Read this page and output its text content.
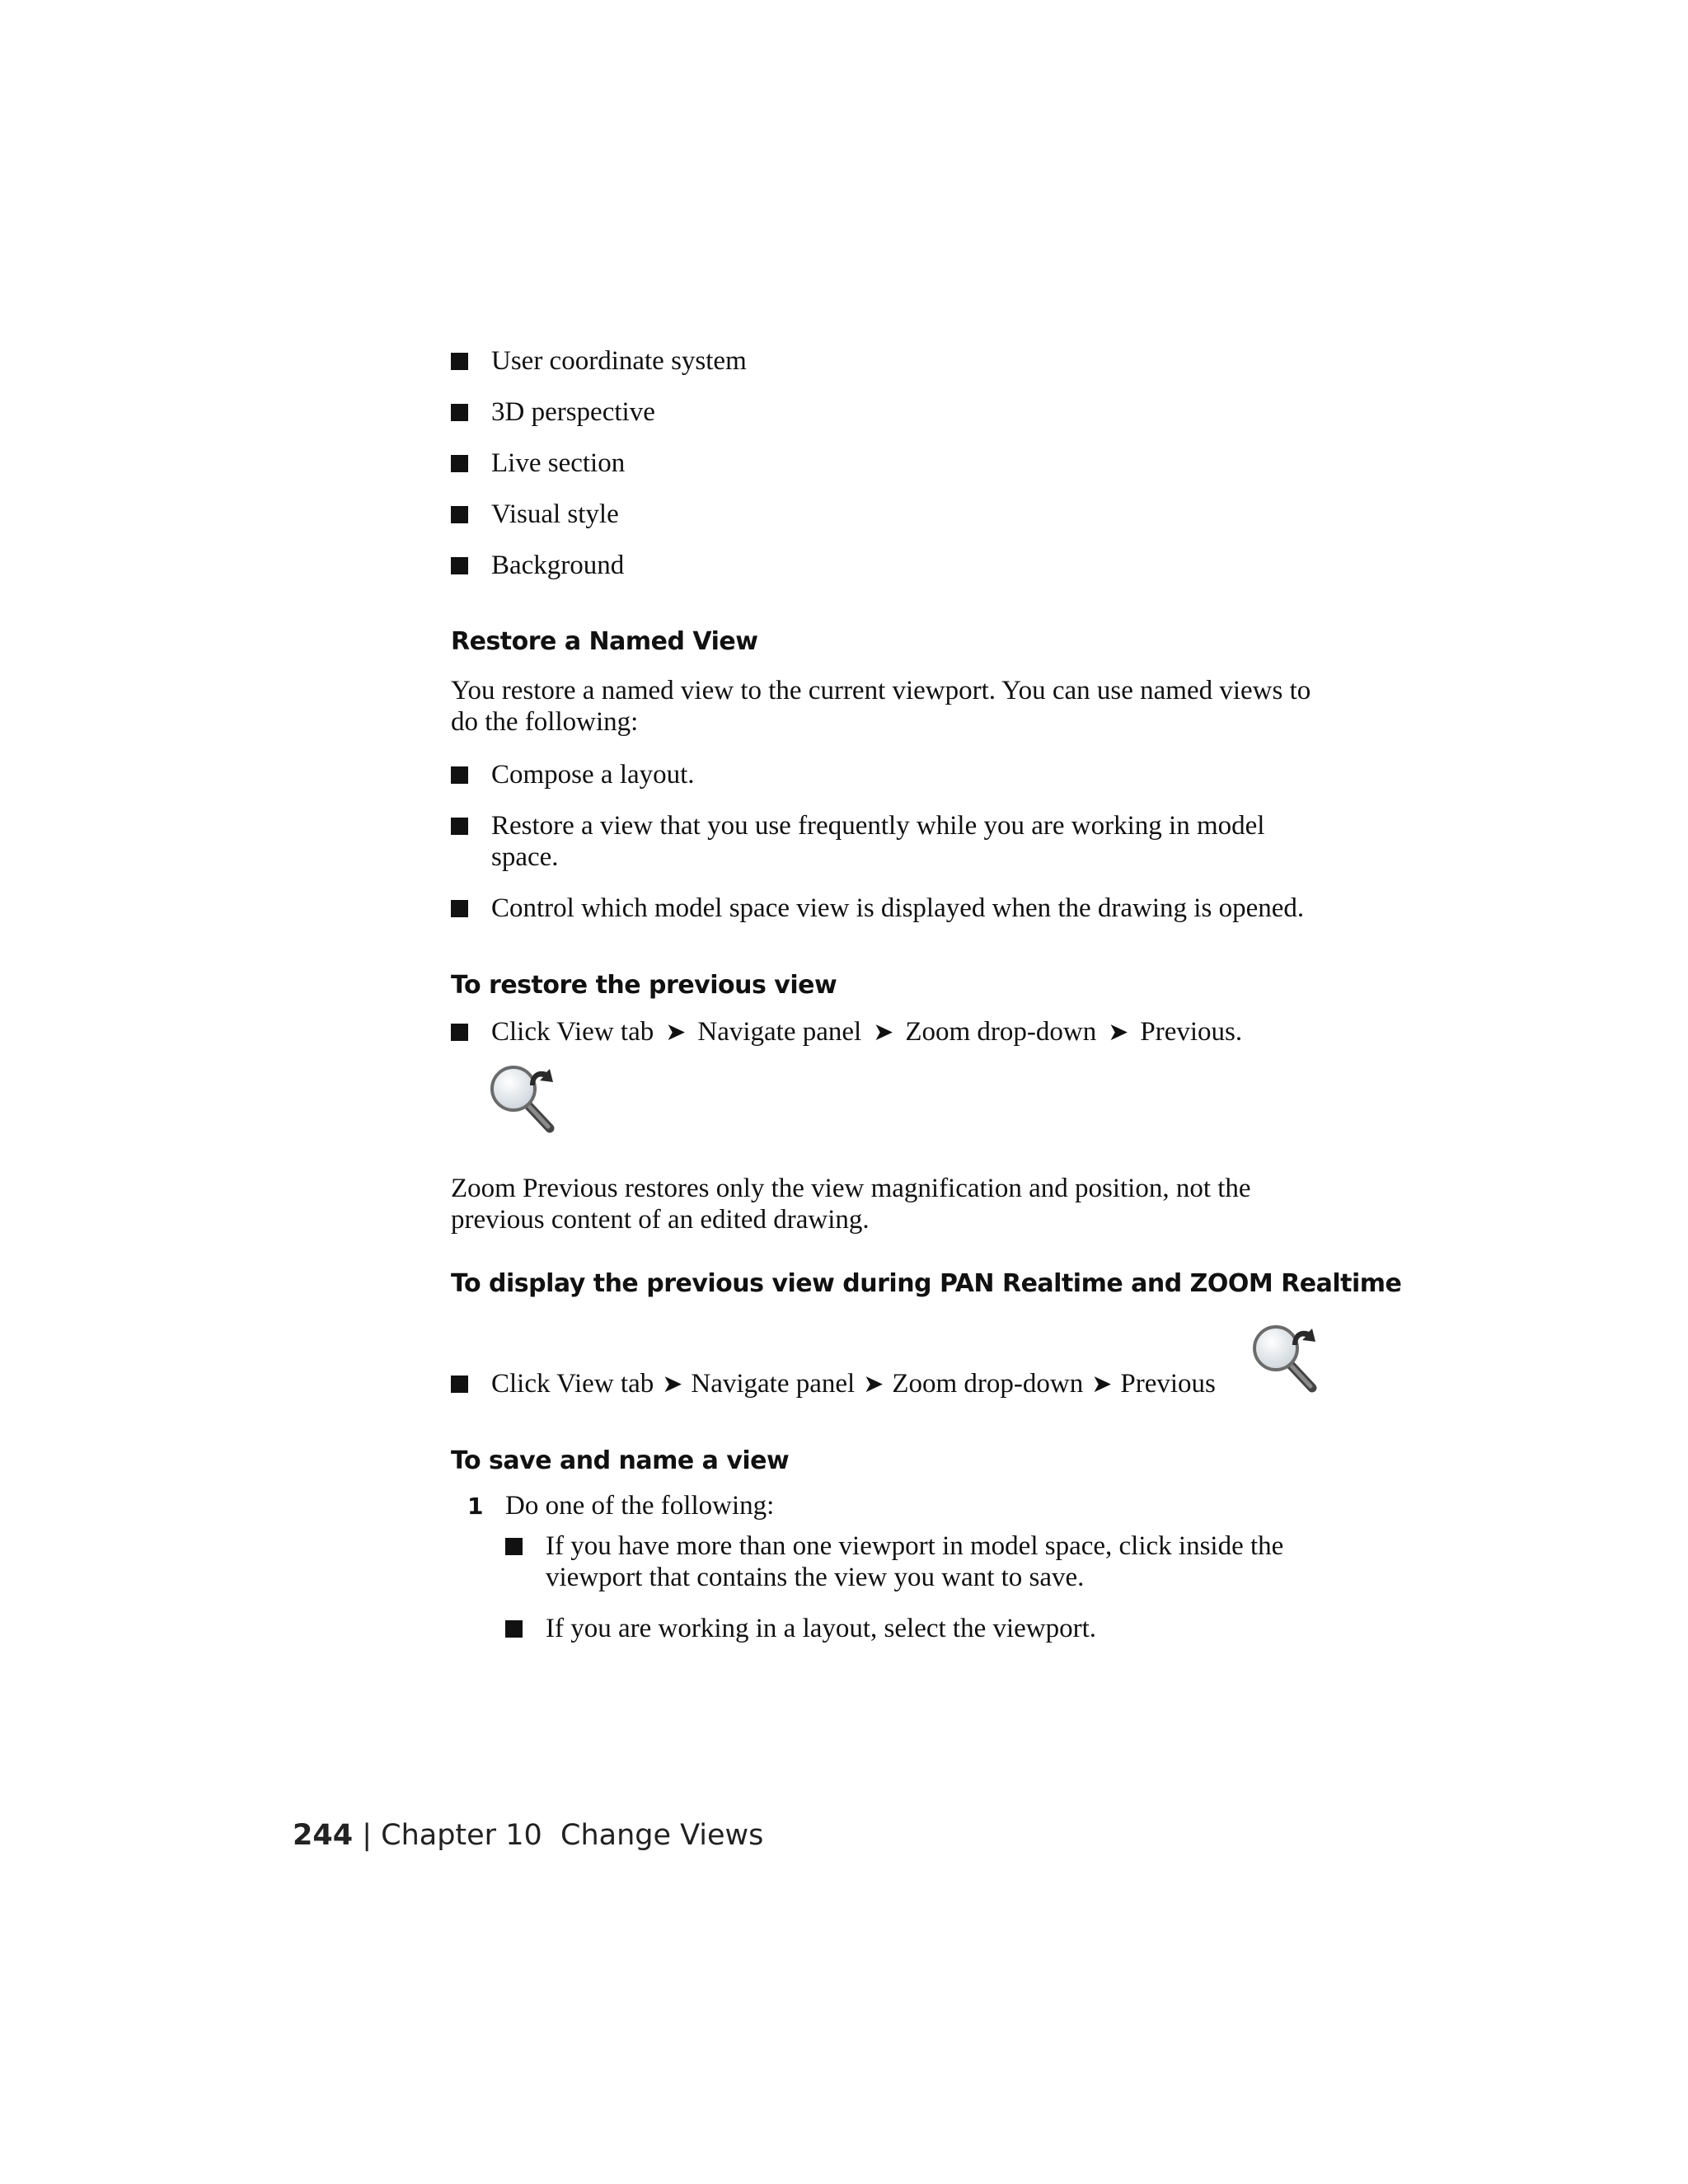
User coordinate system
3D perspective
Live section
Visual style
Background
Restore a Named View
You restore a named view to the current viewport. You can use named views to do the following:
Compose a layout.
Restore a view that you use frequently while you are working in model space.
Control which model space view is displayed when the drawing is opened.
To restore the previous view
Click View tab ➤ Navigate panel ➤ Zoom drop-down ➤ Previous.
Zoom Previous restores only the view magnification and position, not the previous content of an edited drawing.
To display the previous view during PAN Realtime and ZOOM Realtime
Click View tab ➤ Navigate panel ➤ Zoom drop-down ➤ Previous
To save and name a view
1 Do one of the following:
If you have more than one viewport in model space, click inside the viewport that contains the view you want to save.
If you are working in a layout, select the viewport.
244 | Chapter 10 Change Views
